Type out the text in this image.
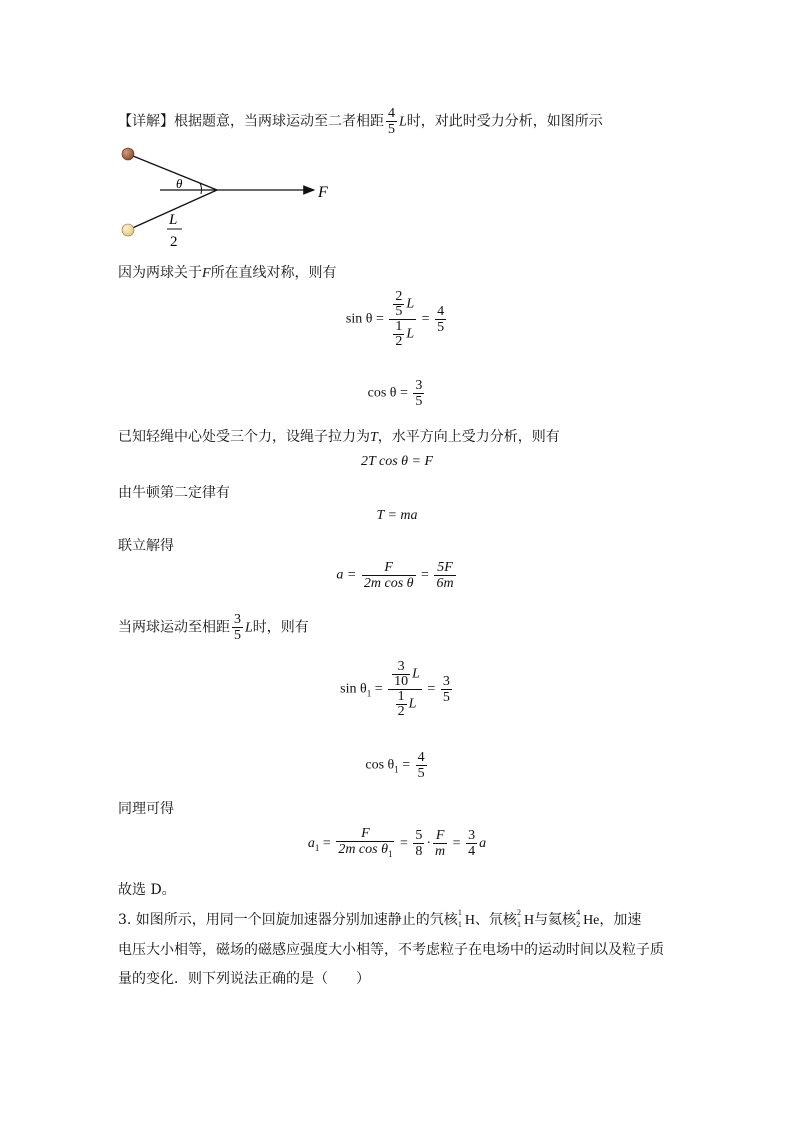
【详解】根据题意，当两球运动至二者相距 $\frac{4}{5}$ L时，对此时受力分析，如图所示
θ
F
L
2
因为两球关于F所在直线对称，则有
$\sin \theta = \frac{\frac{2}{5} L}{\frac{1}{2} L} = \frac{4}{5}$
$\cos \theta = \frac{3}{5}$
已知轻绳中心处受三个力，设绳子拉力为T，水平方向上受力分析，则有
2T cos θ = F
由牛顿第二定律有
T = ma
联立解得
$a = \frac{F}{\text{2m cos θ}} = \frac{5F}{6m}$
当两球运动至相距 $\frac{3}{5}$ L时，则有
$\sin \theta_1 = \frac{\frac{3}{10} L}{\frac{1}{2} L} = \frac{3}{5}$
$\cos \theta_1 = \frac{4}{5}$
同理可得
$a_1 = \frac{F}{2m \cos \theta_1} = \frac{5}{8} \cdot \frac{F}{m} = \frac{3}{4}$ a
故选 D。
3. 如图所示，用同一个回旋加速器分别加速静止的氕核 1
1 H、氘核 2
1 H与氦核 4
2 He，加速
电压大小相等，磁场的磁感应强度大小相等，不考虑粒子在电场中的运动时间以及粒子质
量的变化．则下列说法正确的是（　　）
